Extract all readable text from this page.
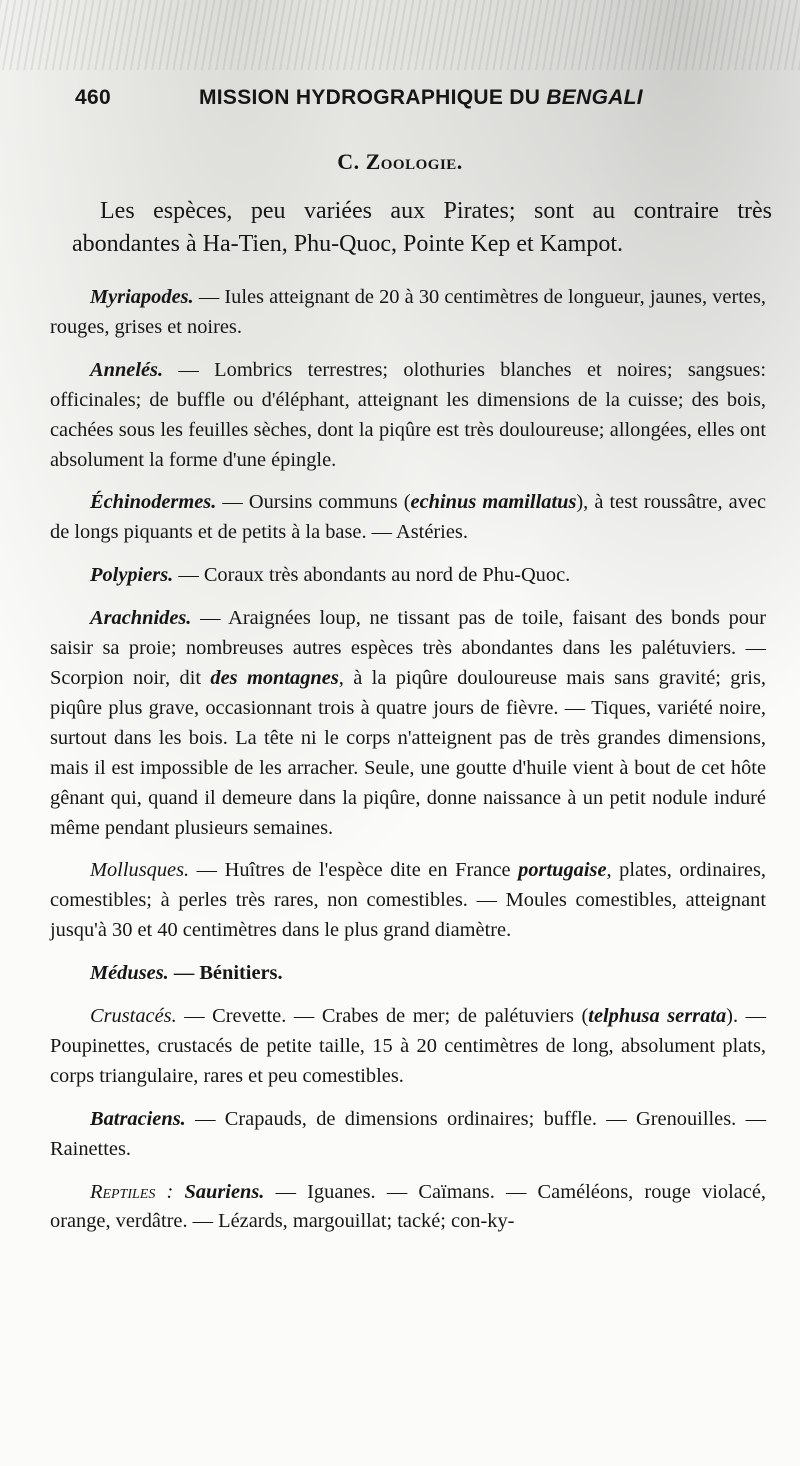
460	MISSION HYDROGRAPHIQUE DU BENGALI
C. Zoologie.

Les espèces, peu variées aux Pirates; sont au contraire très abondantes à Ha-Tien, Phu-Quoc, Pointe Kep et Kampot.

Myriapodes. — Iules atteignant de 20 à 30 centimètres de longueur, jaunes, vertes, rouges, grises et noires.

Annelés. — Lombrics terrestres; olothuries blanches et noires; sangsues: officinales; de buffle ou d'éléphant, atteignant les dimensions de la cuisse; des bois, cachées sous les feuilles sèches, dont la piqûre est très douloureuse; allongées, elles ont absolument la forme d'une épingle.

Échinodermes. — Oursins communs (echinus mamillatus), à test roussâtre, avec de longs piquants et de petits à la base. — Astéries.

Polypiers. — Coraux très abondants au nord de Phu-Quoc.

Arachnides. — Araignées loup, ne tissant pas de toile, faisant des bonds pour saisir sa proie; nombreuses autres espèces très abondantes dans les palétuviers. — Scorpion noir, dit des montagnes, à la piqûre douloureuse mais sans gravité; gris, piqûre plus grave, occasionnant trois à quatre jours de fièvre. — Tiques, variété noire, surtout dans les bois. La tête ni le corps n'atteignent pas de très grandes dimensions, mais il est impossible de les arracher. Seule, une goutte d'huile vient à bout de cet hôte gênant qui, quand il demeure dans la piqûre, donne naissance à un petit nodule induré même pendant plusieurs semaines.

Mollusques. — Huîtres de l'espèce dite en France portugaise, plates, ordinaires, comestibles; à perles très rares, non comestibles. — Moules comestibles, atteignant jusqu'à 30 et 40 centimètres dans le plus grand diamètre.

Méduses. — Bénitiers.

Crustacés. — Crevette. — Crabes de mer; de palétuviers (telphusa serrata). — Poupinettes, crustacés de petite taille, 15 à 20 centimètres de long, absolument plats, corps triangulaire, rares et peu comestibles.

Batraciens. — Crapauds, de dimensions ordinaires; buffle. — Grenouilles. — Rainettes.

Reptiles : Sauriens. — Iguanes. — Caïmans. — Caméléons, rouge violacé, orange, verdâtre. — Lézards, margouillat; tacké; con-ky-
